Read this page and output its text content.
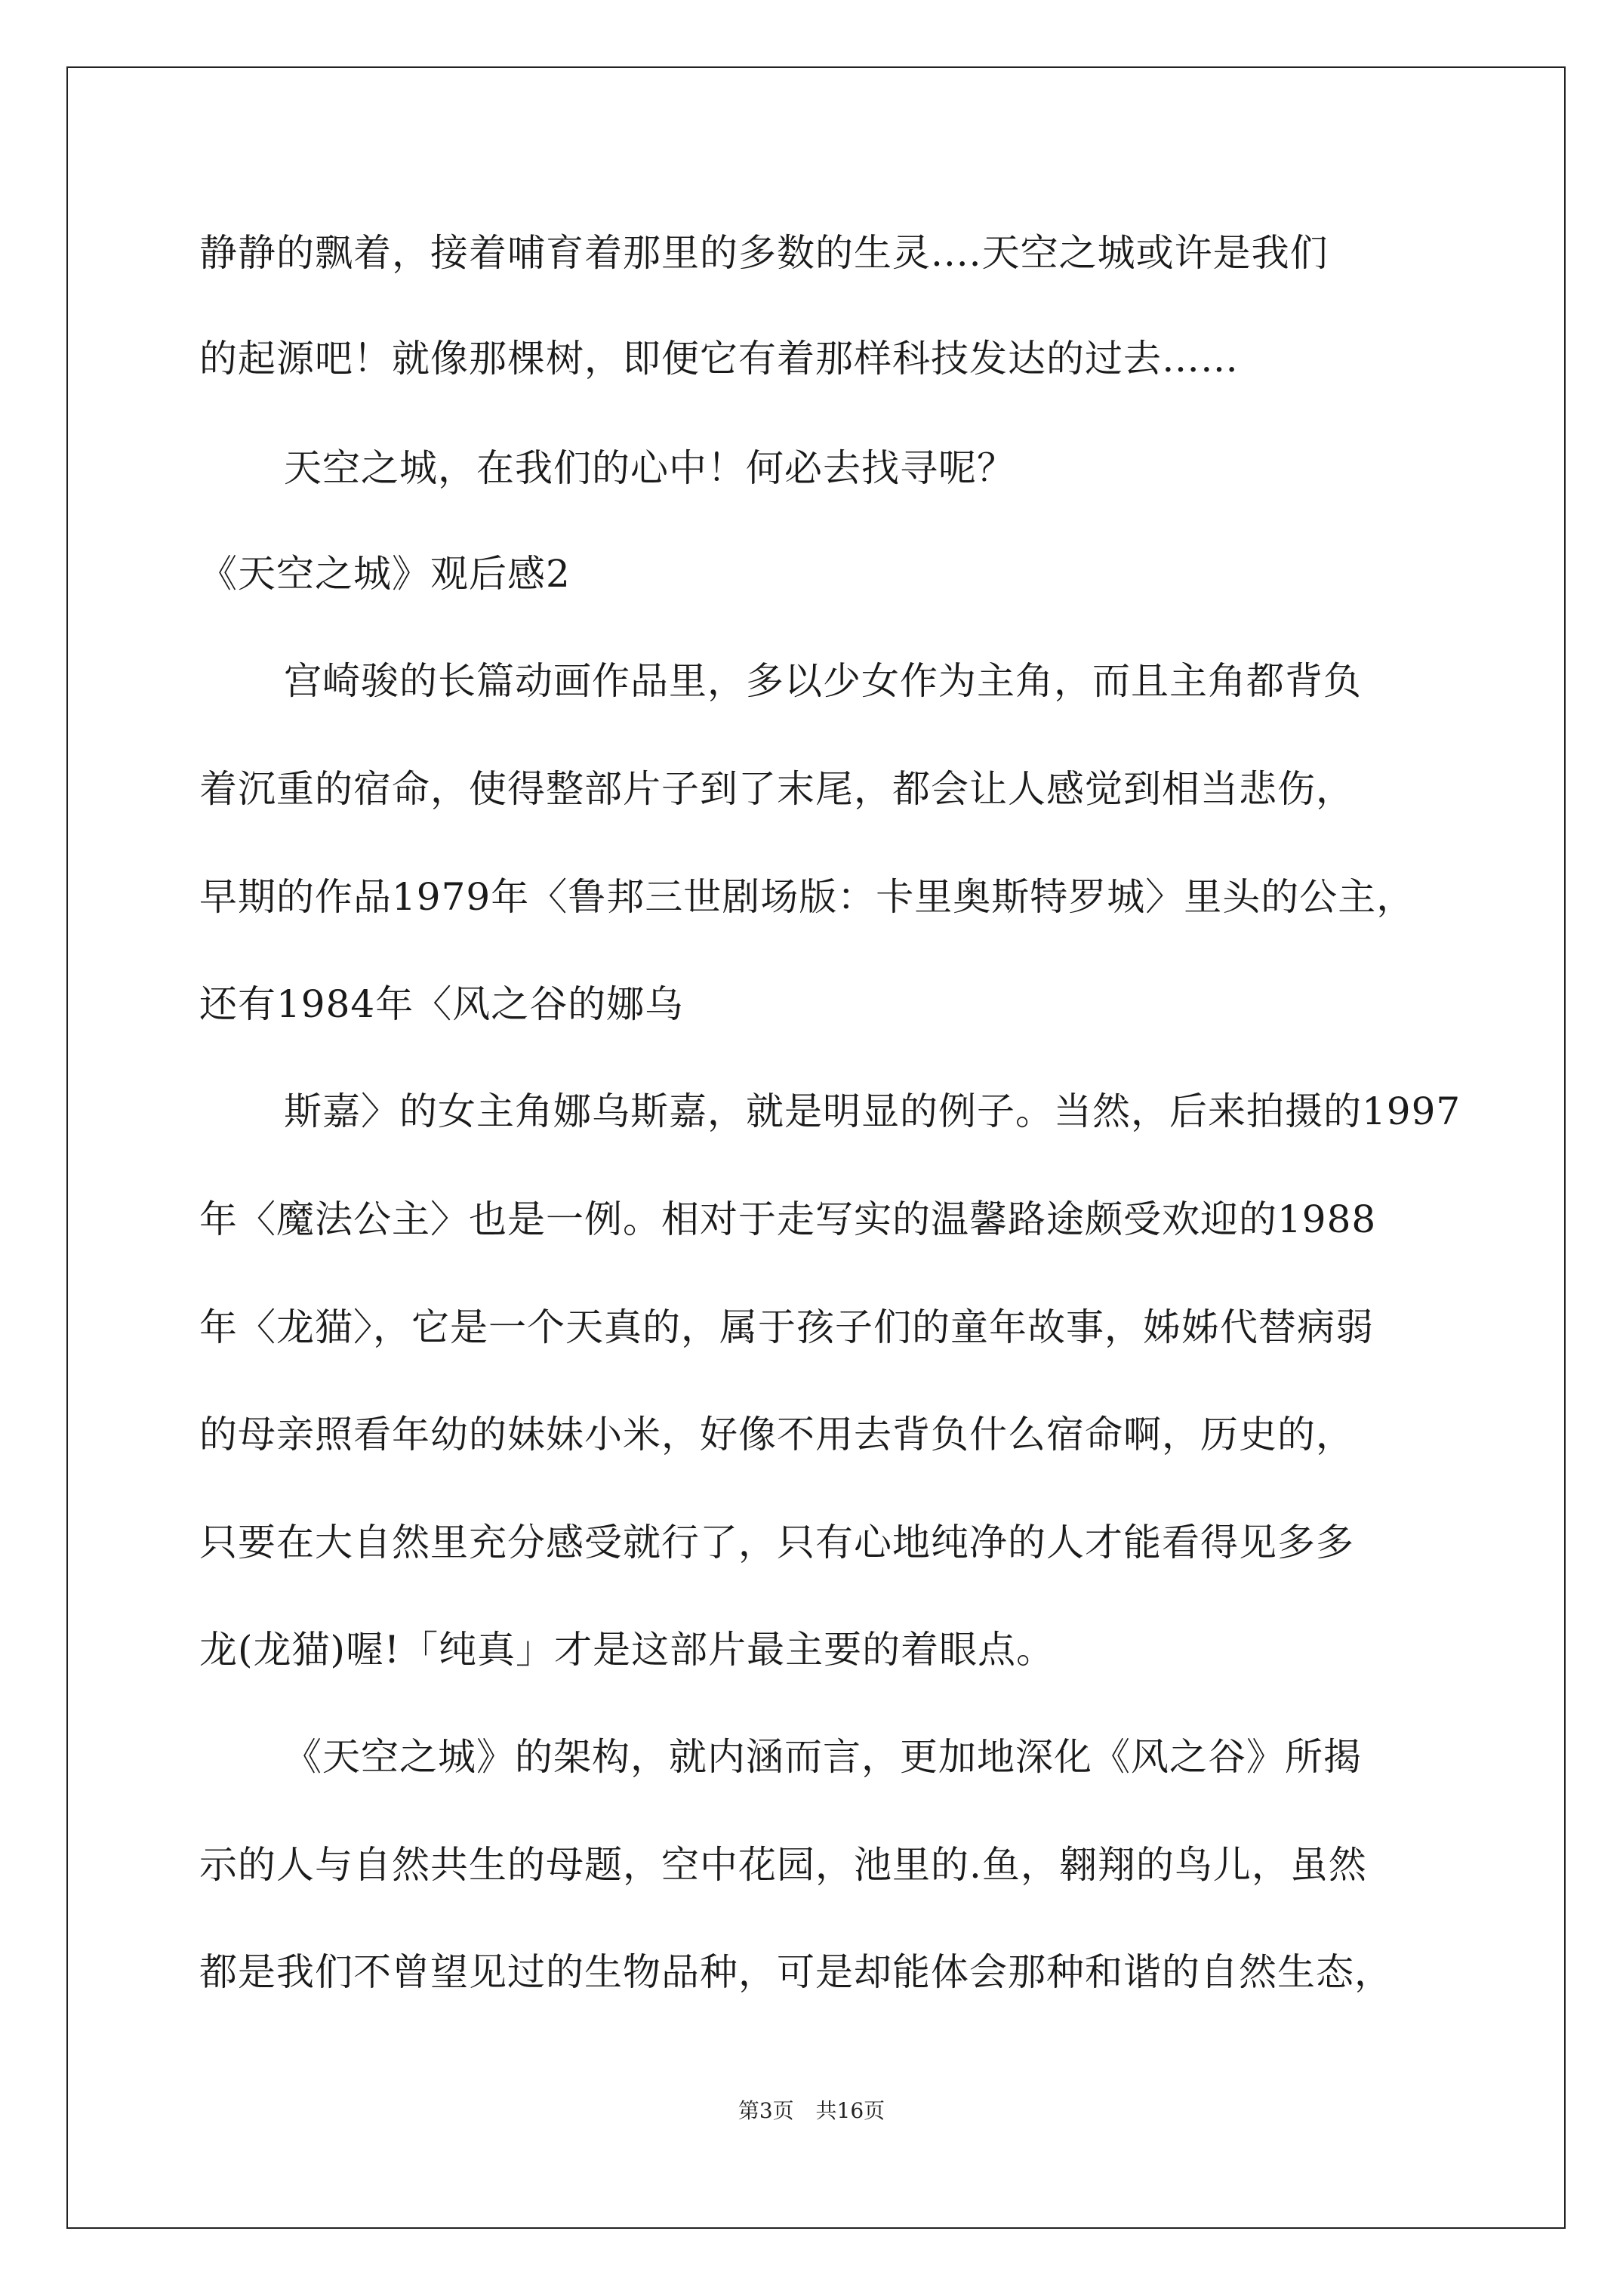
静静的飘着，接着哺育着那里的多数的生灵....天空之城或许是我们
的起源吧！就像那棵树，即便它有着那样科技发达的过去……
天空之城，在我们的心中！何必去找寻呢？
《天空之城》观后感2
宫崎骏的长篇动画作品里，多以少女作为主角，而且主角都背负
着沉重的宿命，使得整部片子到了末尾，都会让人感觉到相当悲伤，
早期的作品1979年〈鲁邦三世剧场版：卡里奥斯特罗城〉里头的公主，
还有1984年〈风之谷的娜乌
斯嘉〉的女主角娜乌斯嘉，就是明显的例子。当然，后来拍摄的1997
年〈魔法公主〉也是一例。相对于走写实的温馨路途颇受欢迎的1988
年〈龙猫〉，它是一个天真的，属于孩子们的童年故事，姊姊代替病弱
的母亲照看年幼的妹妹小米，好像不用去背负什么宿命啊，历史的，
只要在大自然里充分感受就行了，只有心地纯净的人才能看得见多多
龙(龙猫)喔!「纯真」才是这部片最主要的着眼点。
《天空之城》的架构，就内涵而言，更加地深化《风之谷》所揭
示的人与自然共生的母题，空中花园，池里的.鱼，翱翔的鸟儿，虽然
都是我们不曾望见过的生物品种，可是却能体会那种和谐的自然生态，
第3页 共16页
